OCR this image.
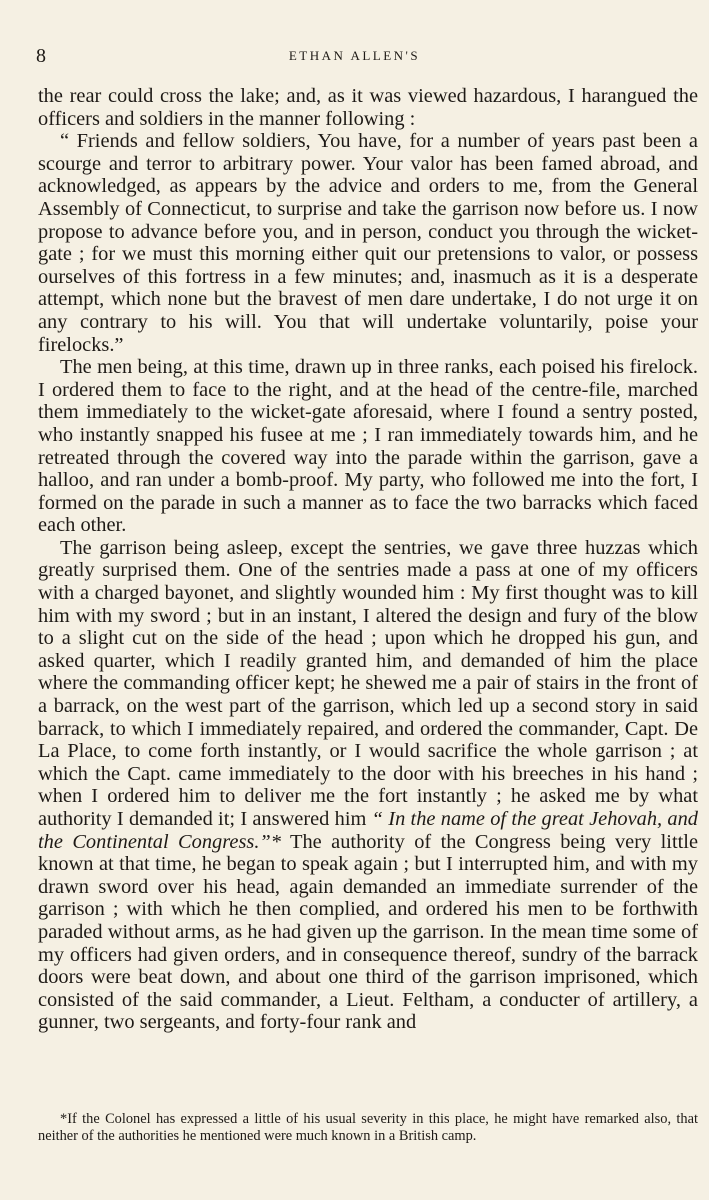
8	ETHAN ALLEN'S

the rear could cross the lake; and, as it was viewed hazardous, I harangued the officers and soldiers in the manner following :

“ Friends and fellow soldiers, You have, for a number of years past been a scourge and terror to arbitrary power. Your valor has been famed abroad, and acknowledged, as appears by the advice and orders to me, from the General Assembly of Connecticut, to surprise and take the garrison now before us. I now propose to advance before you, and in person, conduct you through the wicket-gate ; for we must this morning either quit our pretensions to valor, or possess ourselves of this fortress in a few minutes; and, inasmuch as it is a desperate attempt, which none but the bravest of men dare undertake, I do not urge it on any contrary to his will. You that will undertake voluntarily, poise your firelocks.”

The men being, at this time, drawn up in three ranks, each poised his firelock. I ordered them to face to the right, and at the head of the centre-file, marched them immediately to the wicket-gate aforesaid, where I found a sentry posted, who instantly snapped his fusee at me ; I ran immediately towards him, and he retreated through the covered way into the parade within the garrison, gave a halloo, and ran under a bomb-proof. My party, who followed me into the fort, I formed on the parade in such a manner as to face the two barracks which faced each other.

The garrison being asleep, except the sentries, we gave three huzzas which greatly surprised them. One of the sentries made a pass at one of my officers with a charged bayonet, and slightly wounded him : My first thought was to kill him with my sword ; but in an instant, I altered the design and fury of the blow to a slight cut on the side of the head ; upon which he dropped his gun, and asked quarter, which I readily granted him, and demanded of him the place where the commanding officer kept; he shewed me a pair of stairs in the front of a barrack, on the west part of the garrison, which led up a second story in said barrack, to which I immediately repaired, and ordered the commander, Capt. De La Place, to come forth instantly, or I would sacrifice the whole garrison ; at which the Capt. came immediately to the door with his breeches in his hand ; when I ordered him to deliver me the fort instantly ; he asked me by what authority I demanded it; I answered him “ In the name of the great Jehovah, and the Continental Congress.”* The authority of the Congress being very little known at that time, he began to speak again ; but I interrupted him, and with my drawn sword over his head, again demanded an immediate surrender of the garrison ; with which he then complied, and ordered his men to be forthwith paraded without arms, as he had given up the garrison. In the mean time some of my officers had given orders, and in consequence thereof, sundry of the barrack doors were beat down, and about one third of the garrison imprisoned, which consisted of the said commander, a Lieut. Feltham, a conducter of artillery, a gunner, two sergeants, and forty-four rank and

*If the Colonel has expressed a little of his usual severity in this place, he might have remarked also, that neither of the authorities he mentioned were much known in a British camp.
